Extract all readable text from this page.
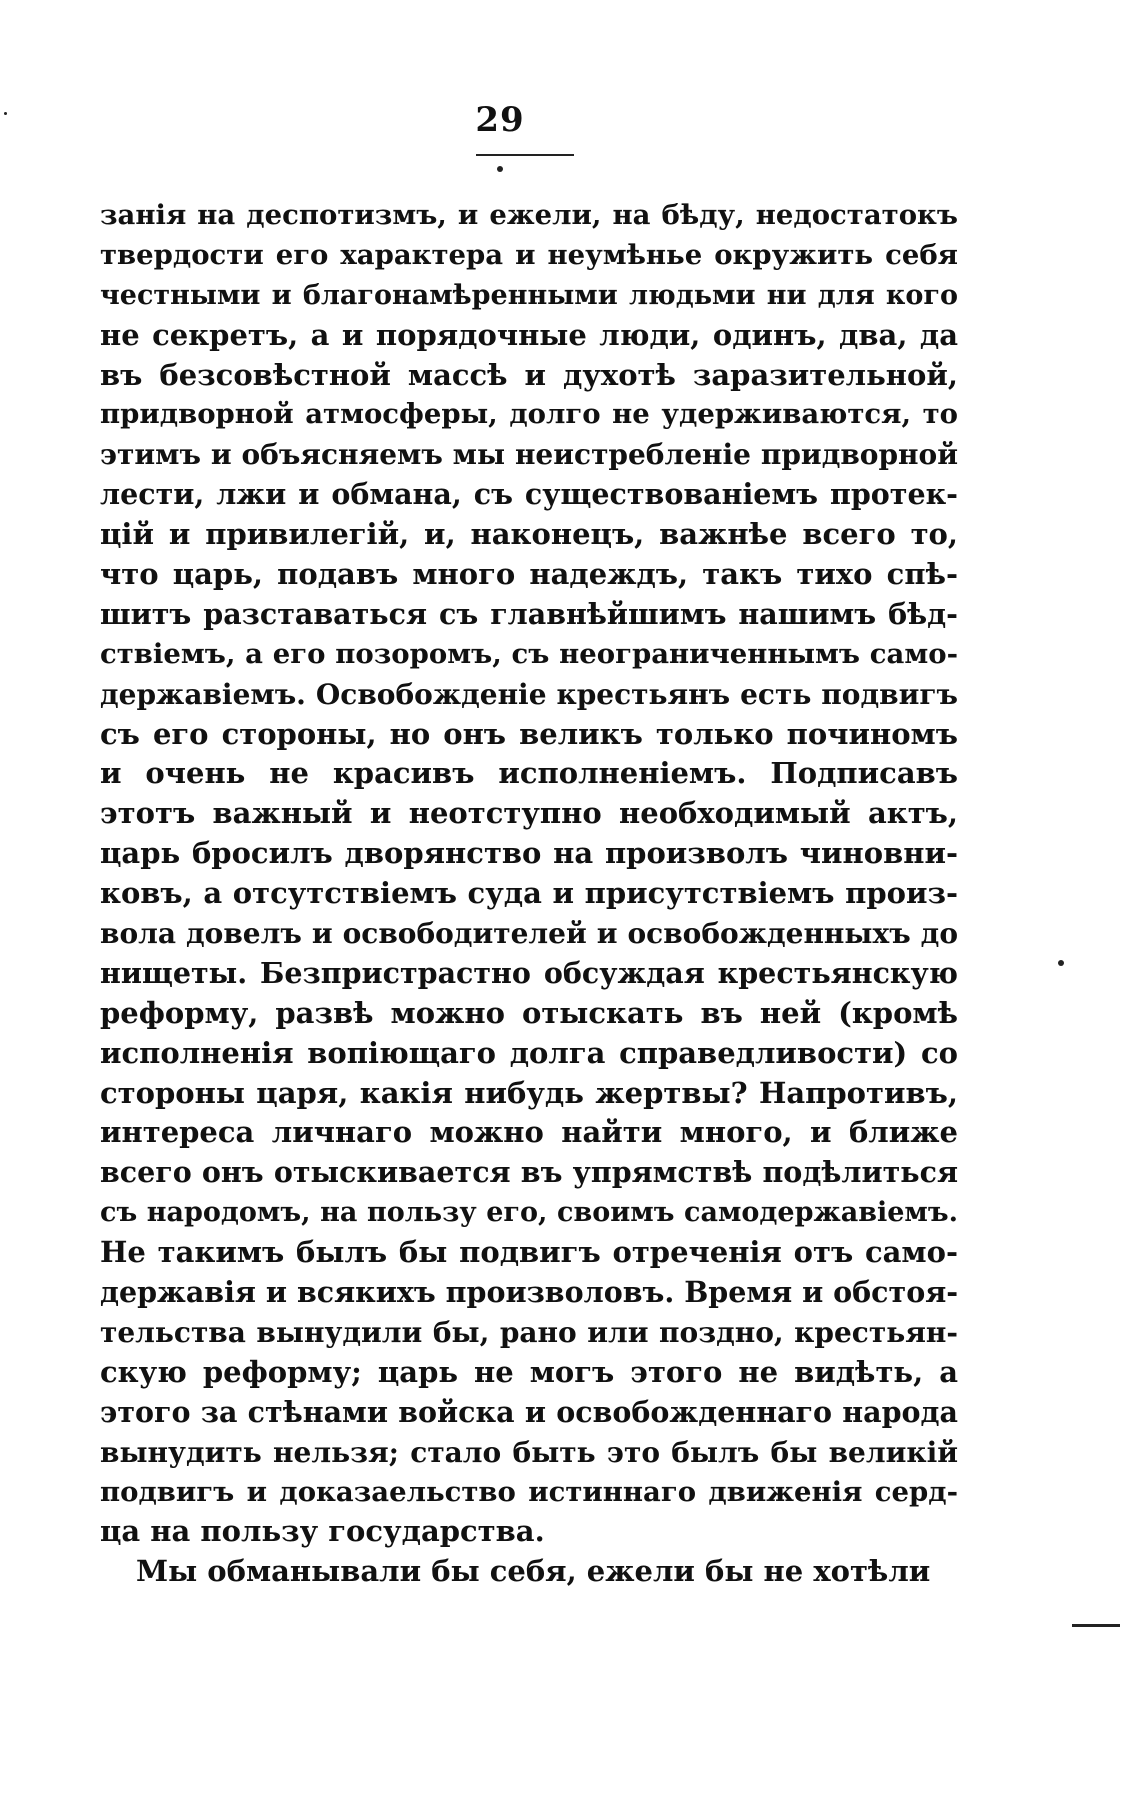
29
занія на деспотизмъ, и ежели, на бѣду, недостатокъ
твердости его характера и неумѣнье окружить себя
честными и благонамѣренными людьми ни для кого
не секретъ, а и порядочные люди, одинъ, два, да
въ безсовѣстной массѣ и духотѣ заразительной,
придворной атмосферы, долго не удерживаются, то
этимъ и объясняемъ мы неистребленіе придворной
лести, лжи и обмана, съ существованіемъ протек-
цій и привилегій, и, наконецъ, важнѣе всего то,
что царь, подавъ много надеждъ, такъ тихо спѣ-
шитъ разставаться съ главнѣйшимъ нашимъ бѣд-
ствіемъ, а его позоромъ, съ неограниченнымъ само-
державіемъ. Освобожденіе крестьянъ есть подвигъ
съ его стороны, но онъ великъ только починомъ
и очень не красивъ исполненіемъ. Подписавъ
этотъ важный и неотступно необходимый актъ,
царь бросилъ дворянство на произволъ чиновни-
ковъ, а отсутствіемъ суда и присутствіемъ произ-
вола довелъ и освободителей и освобожденныхъ до
нищеты. Безпристрастно обсуждая крестьянскую
реформу, развѣ можно отыскать въ ней (кромѣ
исполненія вопіющаго долга справедливости) со
стороны царя, какія нибудь жертвы? Напротивъ,
интереса личнаго можно найти много, и ближе
всего онъ отыскивается въ упрямствѣ подѣлиться
съ народомъ, на пользу его, своимъ самодержавіемъ.
Не такимъ былъ бы подвигъ отреченія отъ само-
державія и всякихъ произволовъ. Время и обстоя-
тельства вынудили бы, рано или поздно, крестьян-
скую реформу; царь не могъ этого не видѣть, а
этого за стѣнами войска и освобожденнаго народа
вынудить нельзя; стало быть это былъ бы великій
подвигъ и доказаельство истиннаго движенія серд-
ца на пользу государства.
Мы обманывали бы себя, ежели бы не хотѣли
